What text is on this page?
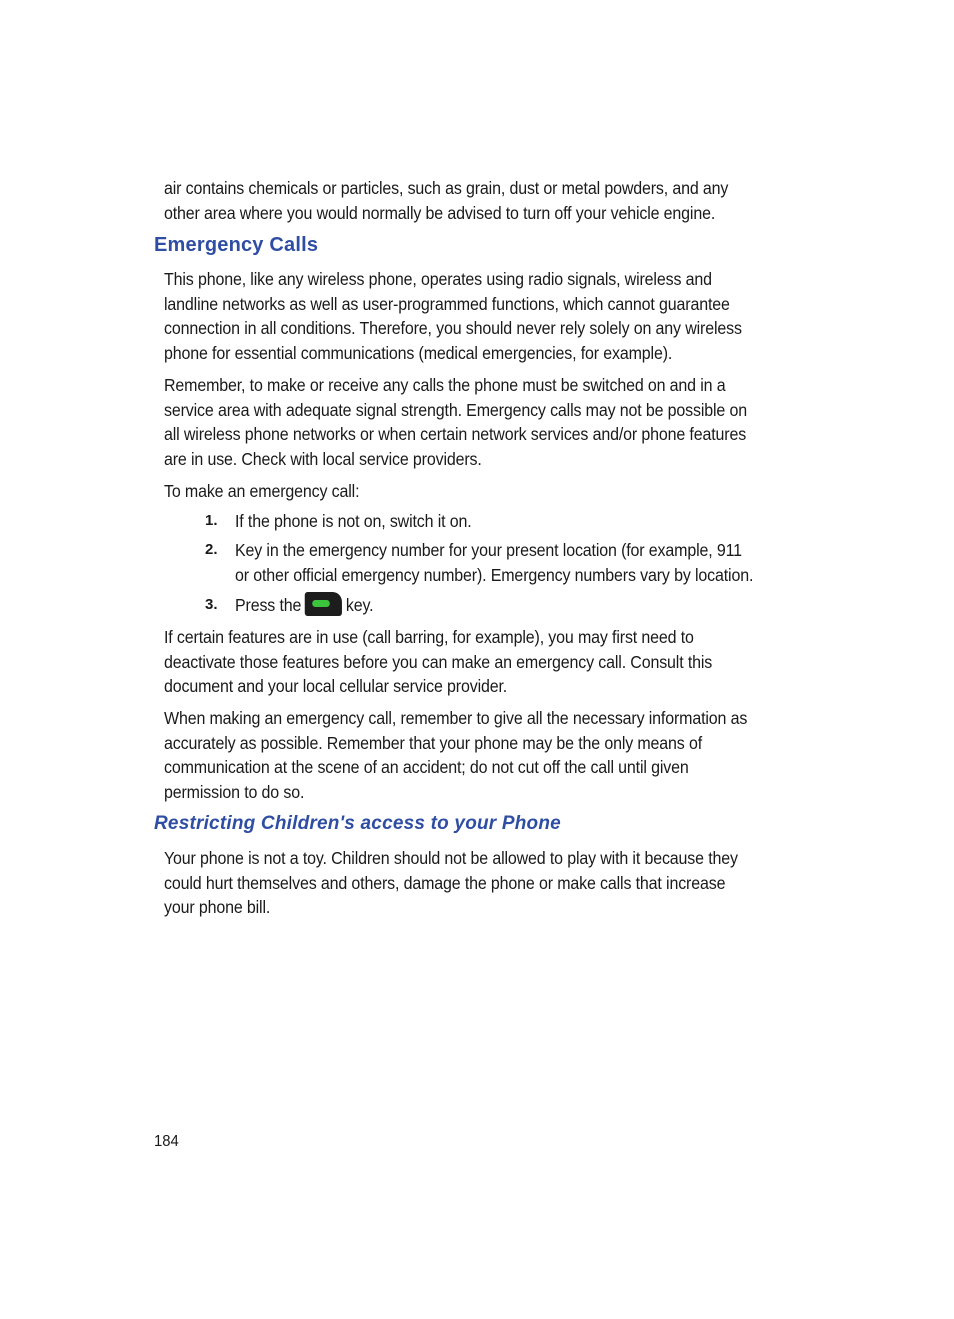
air contains chemicals or particles, such as grain, dust or metal powders, and any
other area where you would normally be advised to turn off your vehicle engine.

Emergency Calls

This phone, like any wireless phone, operates using radio signals, wireless and
landline networks as well as user-programmed functions, which cannot guarantee
connection in all conditions. Therefore, you should never rely solely on any wireless
phone for essential communications (medical emergencies, for example).

Remember, to make or receive any calls the phone must be switched on and in a
service area with adequate signal strength. Emergency calls may not be possible on
all wireless phone networks or when certain network services and/or phone features
are in use. Check with local service providers.

To make an emergency call:

1. If the phone is not on, switch it on.

2. Key in the emergency number for your present location (for example, 911
or other official emergency number). Emergency numbers vary by location.

3. Press the	key.

If certain features are in use (call barring, for example), you may first need to
deactivate those features before you can make an emergency call. Consult this
document and your local cellular service provider.

When making an emergency call, remember to give all the necessary information as
accurately as possible. Remember that your phone may be the only means of
communication at the scene of an accident; do not cut off the call until given
permission to do so.

Restricting Children's access to your Phone

Your phone is not a toy. Children should not be allowed to play with it because they
could hurt themselves and others, damage the phone or make calls that increase
your phone bill.

184
